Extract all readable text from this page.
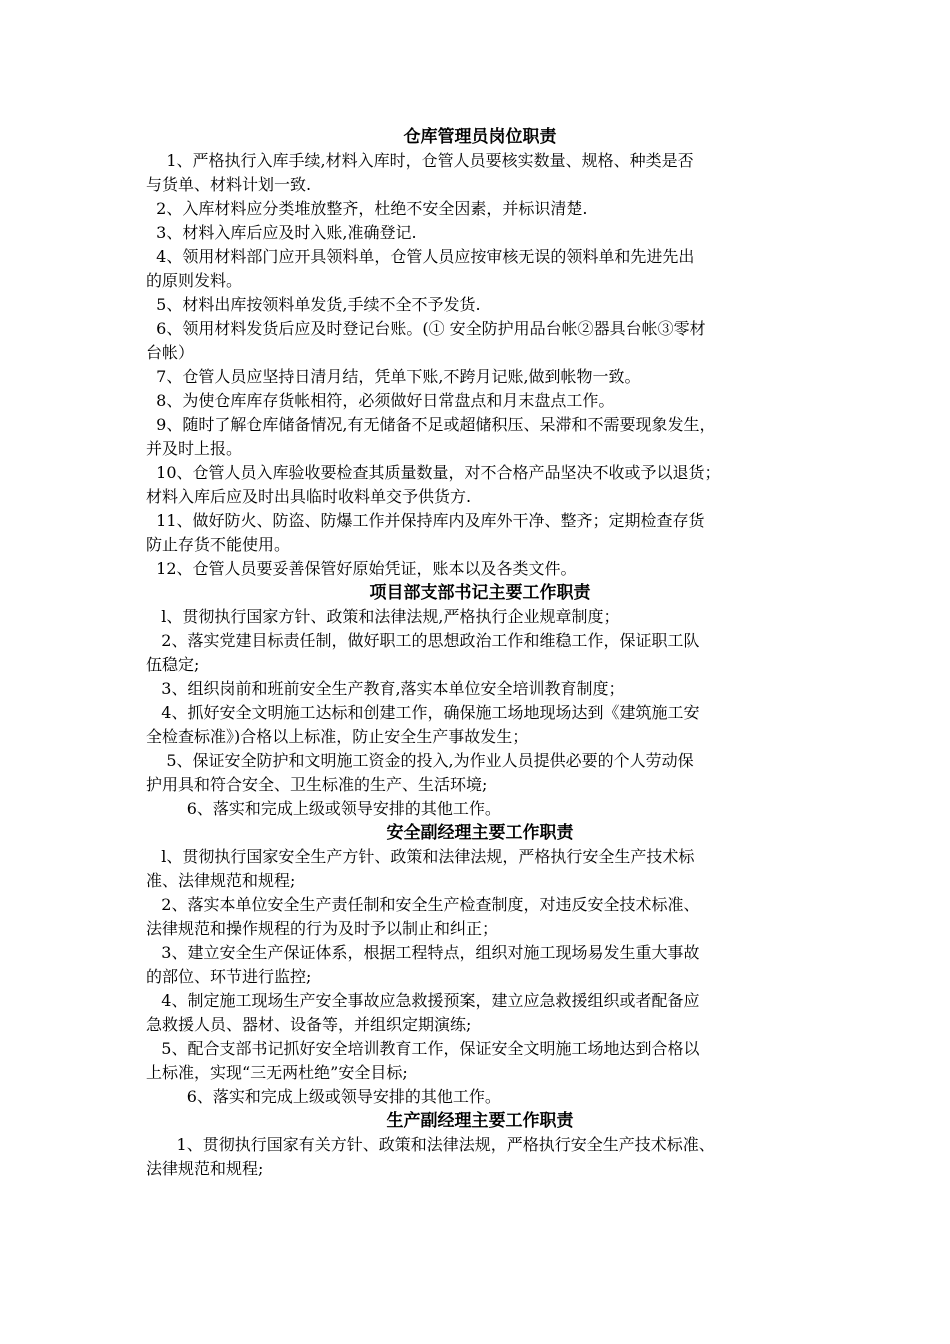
仓库管理员岗位职责
1、严格执行入库手续,材料入库时，仓管人员要核实数量、规格、种类是否
与货单、材料计划一致.
2、入库材料应分类堆放整齐，杜绝不安全因素，并标识清楚.
3、材料入库后应及时入账,准确登记.
4、领用材料部门应开具领料单，仓管人员应按审核无误的领料单和先进先出
的原则发料。
5、材料出库按领料单发货,手续不全不予发货.
6、领用材料发货后应及时登记台账。(① 安全防护用品台帐②器具台帐③零材
台帐）
7、仓管人员应坚持日清月结，凭单下账,不跨月记账,做到帐物一致。
8、为使仓库库存货帐相符，必须做好日常盘点和月末盘点工作。
9、随时了解仓库储备情况,有无储备不足或超储积压、呆滞和不需要现象发生，
并及时上报。
10、仓管人员入库验收要检查其质量数量，对不合格产品坚决不收或予以退货；
材料入库后应及时出具临时收料单交予供货方.
11、做好防火、防盗、防爆工作并保持库内及库外干净、整齐；定期检查存货
防止存货不能使用。
12、仓管人员要妥善保管好原始凭证，账本以及各类文件。
项目部支部书记主要工作职责
l、贯彻执行国家方针、政策和法律法规,严格执行企业规章制度；
2、落实党建目标责任制，做好职工的思想政治工作和维稳工作，保证职工队
伍稳定;
3、组织岗前和班前安全生产教育,落实本单位安全培训教育制度；
4、抓好安全文明施工达标和创建工作，确保施工场地现场达到《建筑施工安
全检查标准》)合格以上标准，防止安全生产事故发生；
5、保证安全防护和文明施工资金的投入,为作业人员提供必要的个人劳动保
护用具和符合安全、卫生标准的生产、生活环境;
6、落实和完成上级或领导安排的其他工作。
安全副经理主要工作职责
l、贯彻执行国家安全生产方针、政策和法律法规，严格执行安全生产技术标
准、法律规范和规程;
2、落实本单位安全生产责任制和安全生产检查制度，对违反安全技术标准、
法律规范和操作规程的行为及时予以制止和纠正；
3、建立安全生产保证体系，根据工程特点，组织对施工现场易发生重大事故
的部位、环节进行监控;
4、制定施工现场生产安全事故应急救援预案，建立应急救援组织或者配备应
急救援人员、器材、设备等，并组织定期演练;
5、配合支部书记抓好安全培训教育工作，保证安全文明施工场地达到合格以
上标准，实现“三无两杜绝”安全目标;
6、落实和完成上级或领导安排的其他工作。
生产副经理主要工作职责
1、贯彻执行国家有关方针、政策和法律法规，严格执行安全生产技术标准、
法律规范和规程;
